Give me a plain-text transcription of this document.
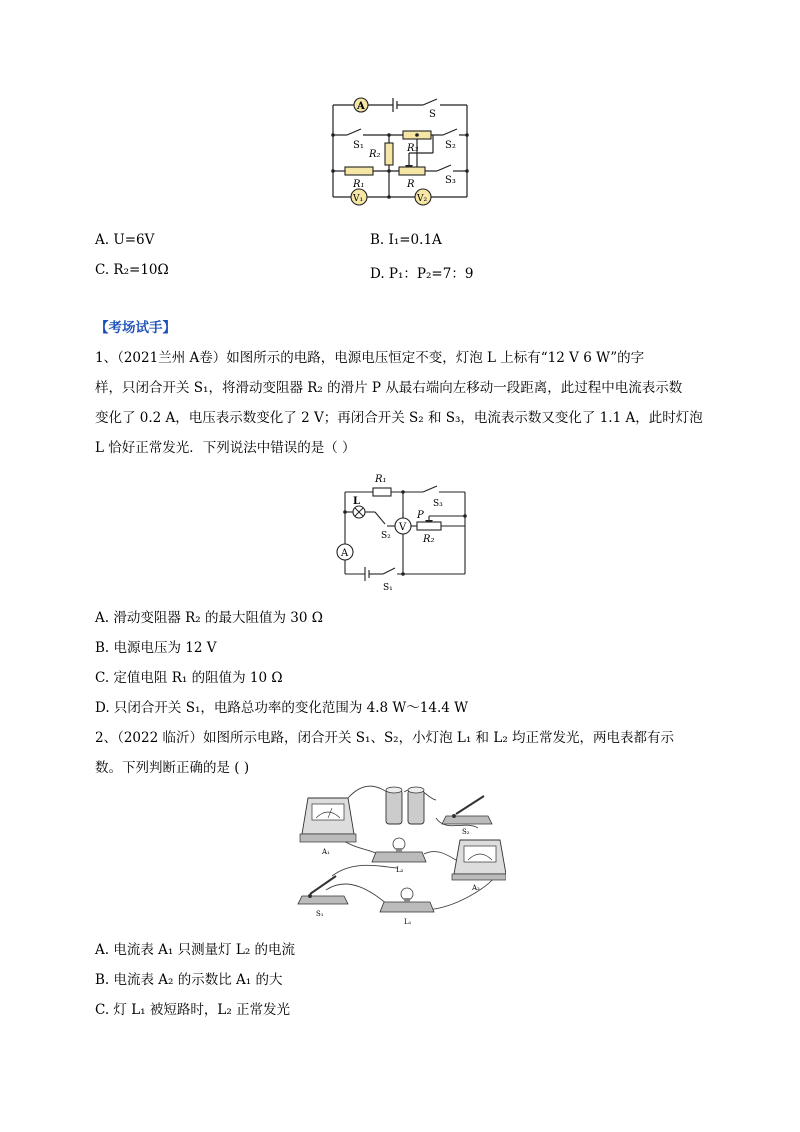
A
S
S₁	S₂
S₃
R₁
R₂
R₃
R
V₁	V₂
A. U=6V	B. I₁=0.1A
C. R₂=10Ω	D. P₁：P₂=7：9
【考场试手】
1、（2021兰州 A卷）如图所示的电路，电源电压恒定不变，灯泡 L 上标有“12 V 6 W”的字
样，只闭合开关 S₁，将滑动变阻器 R₂ 的滑片 P 从最右端向左移动一段距离，此过程中电流表示数
变化了 0.2 A，电压表示数变化了 2 V；再闭合开关 S₂ 和 S₃，电流表示数又变化了 1.1 A，此时灯泡
L 恰好正常发光．下列说法中错误的是（ ）
R₁
S₃
L
P
S₂	R₂
A
V
S₁
A. 滑动变阻器 R₂ 的最大阻值为 30 Ω
B. 电源电压为 12 V
C. 定值电阻 R₁ 的阻值为 10 Ω
D. 只闭合开关 S₁，电路总功率的变化范围为 4.8 W～14.4 W
2、（2022 临沂）如图所示电路，闭合开关 S₁、S₂，小灯泡 L₁ 和 L₂ 均正常发光，两电表都有示
数。下列判断正确的是 ( )
A₁
S₂
L₂
A₂
S₁
L₁
A. 电流表 A₁ 只测量灯 L₂ 的电流
B. 电流表 A₂ 的示数比 A₁ 的大
C. 灯 L₁ 被短路时，L₂ 正常发光
